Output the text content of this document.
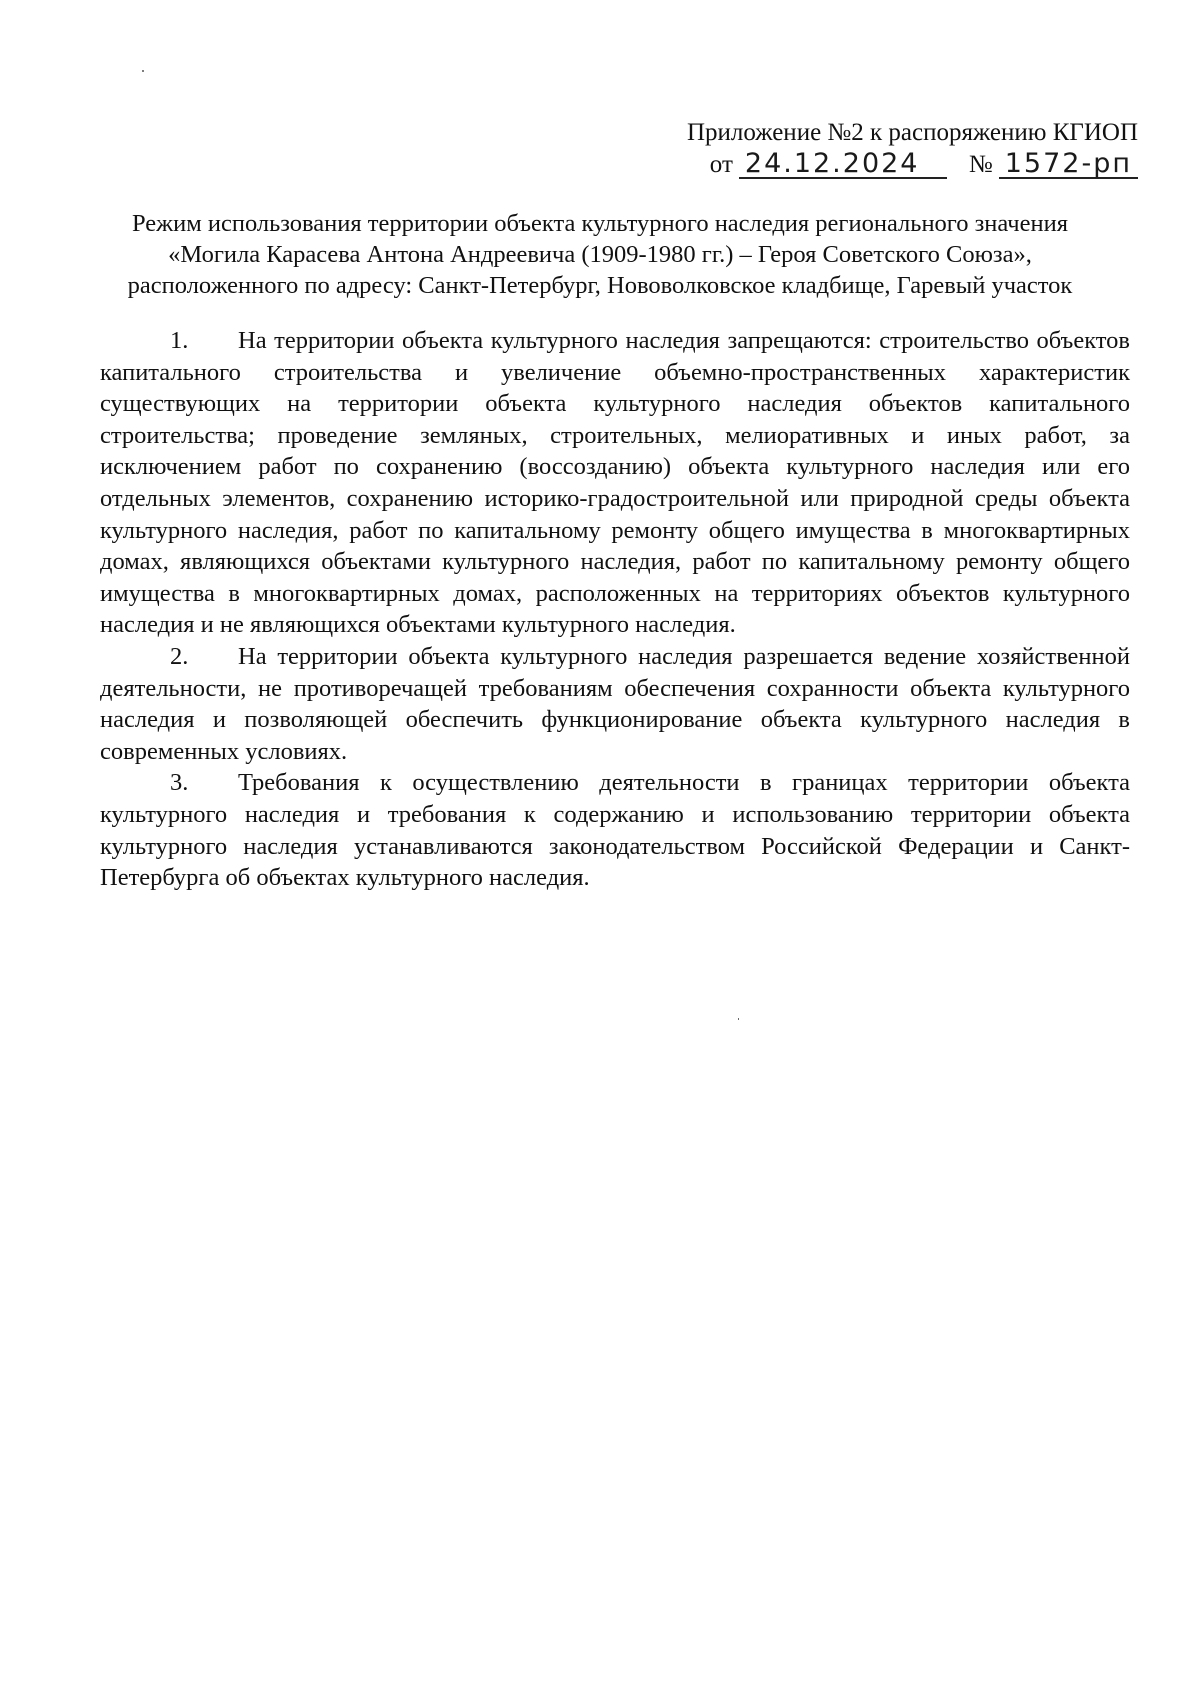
Приложение №2 к распоряжению КГИОП
от 24.12.2024	№ 1572-рп
Режим использования территории объекта культурного наследия регионального значения
«Могила Карасева Антона Андреевича (1909-1980 гг.) – Героя Советского Союза»,
расположенного по адресу: Санкт-Петербург, Нововолковское кладбище, Гаревый участок

1. На территории объекта культурного наследия запрещаются: строительство объектов капитального строительства и увеличение объемно-пространственных характеристик существующих на территории объекта культурного наследия объектов капитального строительства; проведение земляных, строительных, мелиоративных и иных работ, за исключением работ по сохранению (воссозданию) объекта культурного наследия или его отдельных элементов, сохранению историко-градостроительной или природной среды объекта культурного наследия, работ по капитальному ремонту общего имущества в многоквартирных домах, являющихся объектами культурного наследия, работ по капитальному ремонту общего имущества в многоквартирных домах, расположенных на территориях объектов культурного наследия и не являющихся объектами культурного наследия.

2. На территории объекта культурного наследия разрешается ведение хозяйственной деятельности, не противоречащей требованиям обеспечения сохранности объекта культурного наследия и позволяющей обеспечить функционирование объекта культурного наследия в современных условиях.

3. Требования к осуществлению деятельности в границах территории объекта культурного наследия и требования к содержанию и использованию территории объекта культурного наследия устанавливаются законодательством Российской Федерации и Санкт-Петербурга об объектах культурного наследия.
